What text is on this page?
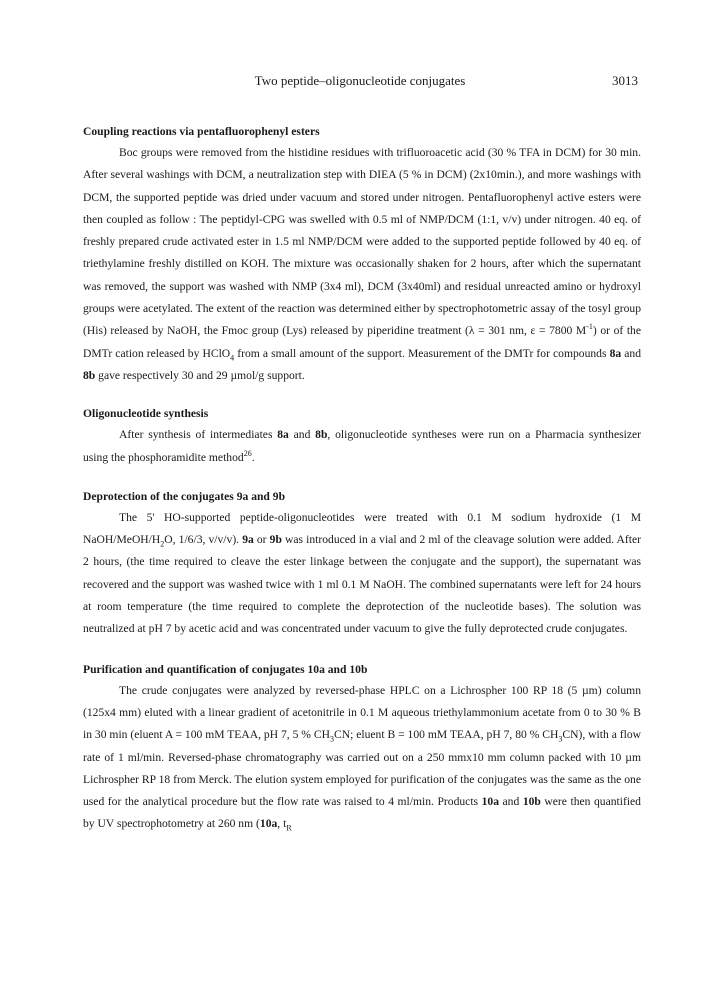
Two peptide–oligonucleotide conjugates	3013
Coupling reactions via pentafluorophenyl esters

Boc groups were removed from the histidine residues with trifluoroacetic acid (30 % TFA in DCM) for 30 min. After several washings with DCM, a neutralization step with DIEA (5 % in DCM) (2x10min.), and more washings with DCM, the supported peptide was dried under vacuum and stored under nitrogen. Pentafluorophenyl active esters were then coupled as follow : The peptidyl-CPG was swelled with 0.5 ml of NMP/DCM (1:1, v/v) under nitrogen. 40 eq. of freshly prepared crude activated ester in 1.5 ml NMP/DCM were added to the supported peptide followed by 40 eq. of triethylamine freshly distilled on KOH. The mixture was occasionally shaken for 2 hours, after which the supernatant was removed, the support was washed with NMP (3x4 ml), DCM (3x40ml) and residual unreacted amino or hydroxyl groups were acetylated. The extent of the reaction was determined either by spectrophotometric assay of the tosyl group (His) released by NaOH, the Fmoc group (Lys) released by piperidine treatment (λ = 301 nm, ε = 7800 $M^{-1}$) or of the DMTr cation released by HClO$_4$ from a small amount of the support. Measurement of the DMTr for compounds 8a and 8b gave respectively 30 and 29 µmol/g support.

Oligonucleotide synthesis

After synthesis of intermediates 8a and 8b, oligonucleotide syntheses were run on a Pharmacia synthesizer using the phosphoramidite method$^{26}$.

Deprotection of the conjugates 9a and 9b

The 5' HO-supported peptide-oligonucleotides were treated with 0.1 M sodium hydroxide (1 M NaOH/$MeOH/H_2O$, 1/6/3, v/v/v). 9a or 9b was introduced in a vial and 2 ml of the cleavage solution were added. After 2 hours, (the time required to cleave the ester linkage between the conjugate and the support), the supernatant was recovered and the support was washed twice with 1 ml 0.1 M NaOH. The combined supernatants were left for 24 hours at room temperature (the time required to complete the deprotection of the nucleotide bases). The solution was neutralized at pH 7 by acetic acid and was concentrated under vacuum to give the fully deprotected crude conjugates.

Purification and quantification of conjugates 10a and 10b

The crude conjugates were analyzed by reversed-phase HPLC on a Lichrospher 100 RP 18 (5 µm) column (125x4 mm) eluted with a linear gradient of acetonitrile in 0.1 M aqueous triethylammonium acetate from 0 to 30 % B in 30 min (eluent A = 100 mM TEAA, pH 7, 5 % $CH_3CN$; eluent B = 100 mM TEAA, pH 7, 80 % $CH_3CN$), with a flow rate of 1 ml/min. Reversed-phase chromatography was carried out on a 250 mmx10 mm column packed with 10 µm Lichrospher RP 18 from Merck. The elution system employed for purification of the conjugates was the same as the one used for the analytical procedure but the flow rate was raised to 4 ml/min. Products 10a and 10b were then quantified by UV spectrophotometry at 260 nm (10a, $t_R$
